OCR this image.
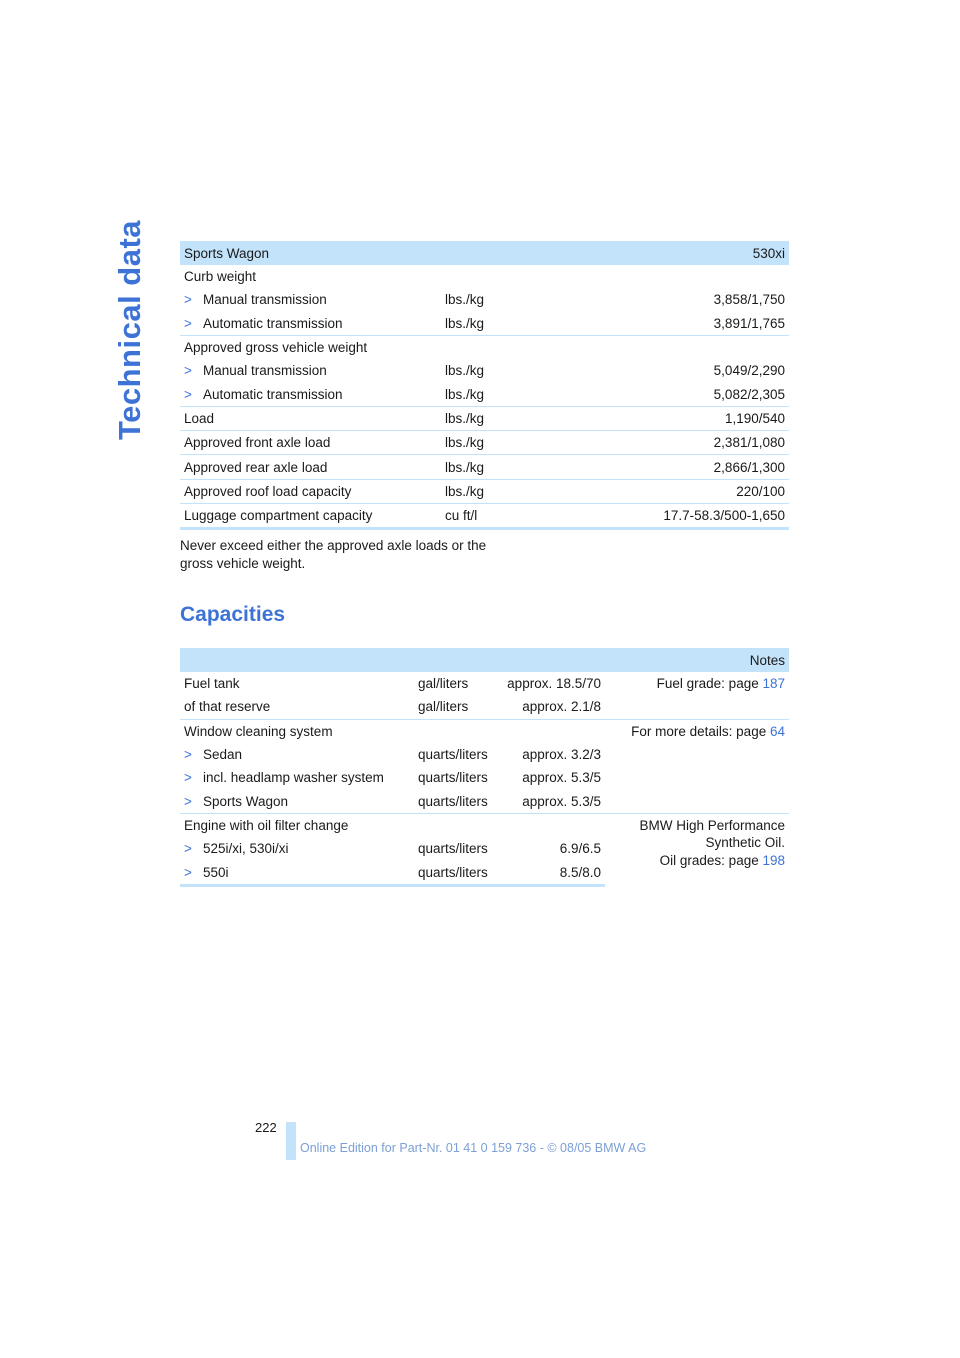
Technical data	Sports Wagon		530xi
Curb weight		
> Manual transmission	lbs./kg	3,858/1,750
> Automatic transmission	lbs./kg	3,891/1,765
Approved gross vehicle weight		
> Manual transmission	lbs./kg	5,049/2,290
> Automatic transmission	lbs./kg	5,082/2,305
Load	lbs./kg	1,190/540
Approved front axle load	lbs./kg	2,381/1,080
Approved rear axle load	lbs./kg	2,866/1,300
Approved roof load capacity	lbs./kg	220/100
Luggage compartment capacity	cu ft/l	17.7-58.3/500-1,650
Never exceed either the approved axle loads or the gross vehicle weight.
Capacities
			Notes
Fuel tank	gal/liters	approx. 18.5/70	Fuel grade: page 187
of that reserve	gal/liters	approx. 2.1/8	
Window cleaning system			For more details: page 64
> Sedan	quarts/liters	approx. 3.2/3	
> incl. headlamp washer system	quarts/liters	approx. 5.3/5	
> Sports Wagon	quarts/liters	approx. 5.3/5	
Engine with oil filter change			BMW High Performance
Synthetic Oil.
Oil grades: page 198

> 525i/xi, 530i/xi	quarts/liters	6.9/6.5	
> 550i	quarts/liters	8.5/8.0	
222
Online Edition for Part-Nr. 01 41 0 159 736 - © 08/05 BMW AG
